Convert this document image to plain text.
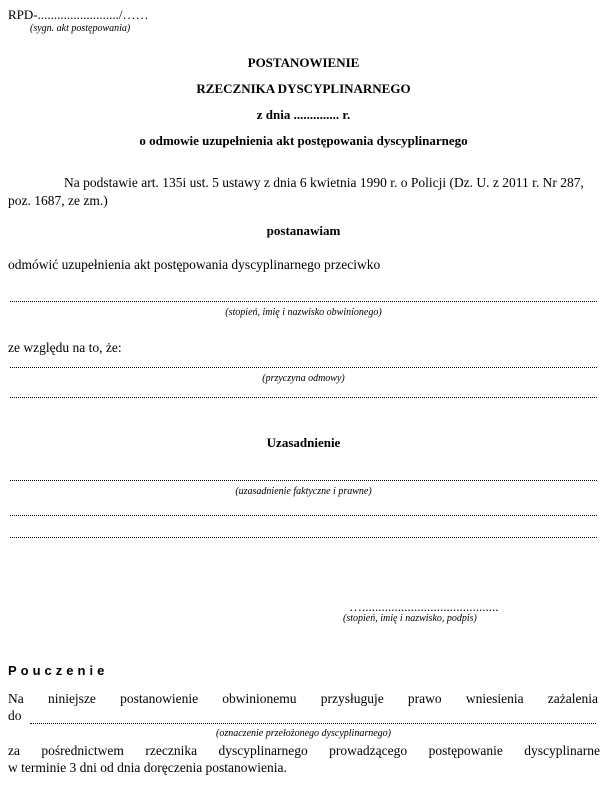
RPD-........................./……
(sygn. akt postępowania)
POSTANOWIENIE
RZECZNIKA DYSCYPLINARNEGO
z dnia .............. r.
o odmowie uzupełnienia akt postępowania dyscyplinarnego
Na podstawie art. 135i ust. 5 ustawy z dnia 6 kwietnia 1990 r. o Policji (Dz. U. z 2011 r. Nr 287, poz. 1687, ze zm.)
postanawiam
odmówić uzupełnienia akt postępowania dyscyplinarnego przeciwko
(stopień, imię i nazwisko obwinionego)
ze względu na to, że:
(przyczyna odmowy)
Uzasadnienie
(uzasadnienie faktyczne i prawne)
…..........................................
(stopień, imię i nazwisko, podpis)
Pouczenie
Na niniejsze postanowienie obwinionemu przysługuje prawo wniesienia zażalenia
do
(oznaczenie przełożonego dyscyplinarnego)
za pośrednictwem rzecznika dyscyplinarnego prowadzącego postępowanie dyscyplinarne
w terminie 3 dni od dnia doręczenia postanowienia.
